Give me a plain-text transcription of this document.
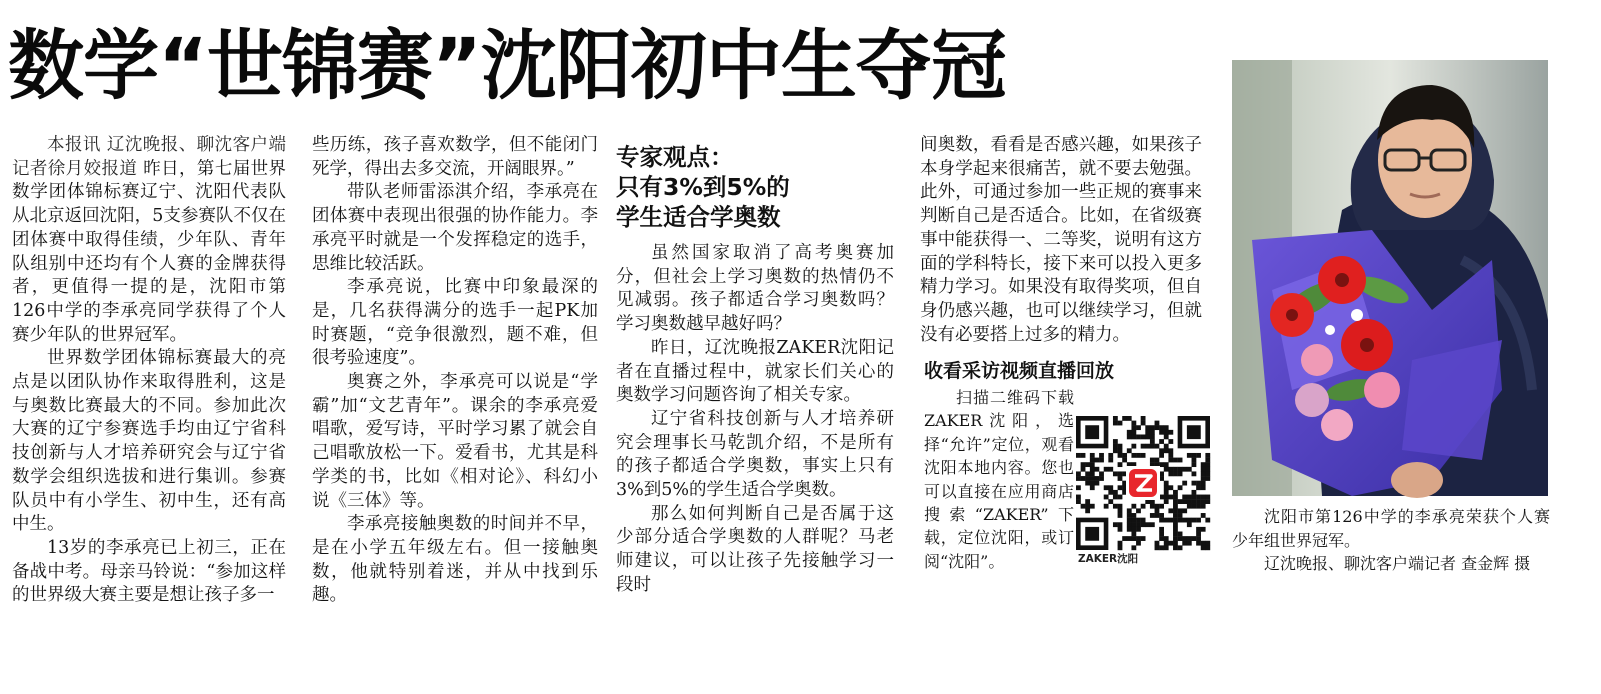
数学“世锦赛”沈阳初中生夺冠

本报讯 辽沈晚报、聊沈客户端记者徐月姣报道 昨日，第七届世界数学团体锦标赛辽宁、沈阳代表队从北京返回沈阳，5支参赛队不仅在团体赛中取得佳绩，少年队、青年队组别中还均有个人赛的金牌获得者，更值得一提的是，沈阳市第126中学的李承亮同学获得了个人赛少年队的世界冠军。

世界数学团体锦标赛最大的亮点是以团队协作来取得胜利，这是与奥数比赛最大的不同。参加此次大赛的辽宁参赛选手均由辽宁省科技创新与人才培养研究会与辽宁省数学会组织选拔和进行集训。参赛队员中有小学生、初中生，还有高中生。

13岁的李承亮已上初三，正在备战中考。母亲马铃说：“参加这样的世界级大赛主要是想让孩子多一

些历练，孩子喜欢数学，但不能闭门死学，得出去多交流，开阔眼界。”

带队老师雷添淇介绍，李承亮在团体赛中表现出很强的协作能力。李承亮平时就是一个发挥稳定的选手，思维比较活跃。

李承亮说，比赛中印象最深的是，几名获得满分的选手一起PK加时赛题，“竞争很激烈，题不难，但很考验速度”。

奥赛之外，李承亮可以说是“学霸”加“文艺青年”。课余的李承亮爱唱歌，爱写诗，平时学习累了就会自己唱歌放松一下。爱看书，尤其是科学类的书，比如《相对论》、科幻小说《三体》等。

李承亮接触奥数的时间并不早，是在小学五年级左右。但一接触奥数，他就特别着迷，并从中找到乐趣。

专家观点：
只有3%到5%的
学生适合学奥数

虽然国家取消了高考奥赛加分，但社会上学习奥数的热情仍不见减弱。孩子都适合学习奥数吗？学习奥数越早越好吗？

昨日，辽沈晚报ZAKER沈阳记者在直播过程中，就家长们关心的奥数学习问题咨询了相关专家。

辽宁省科技创新与人才培养研究会理事长马乾凯介绍，不是所有的孩子都适合学奥数，事实上只有3%到5%的学生适合学奥数。

那么如何判断自己是否属于这少部分适合学奥数的人群呢？马老师建议，可以让孩子先接触学习一段时

间奥数，看看是否感兴趣，如果孩子本身学起来很痛苦，就不要去勉强。此外，可通过参加一些正规的赛事来判断自己是否适合。比如，在省级赛事中能获得一、二等奖，说明有这方面的学科特长，接下来可以投入更多精力学习。如果没有取得奖项，但自身仍感兴趣，也可以继续学习，但就没有必要搭上过多的精力。

收看采访视频直播回放

扫描二维码下载ZAKER沈阳，选择“允许”定位，观看沈阳本地内容。您也可以直接在应用商店搜索“ZAKER”下载，定位沈阳，或订阅“沈阳”。	ZAKER沈阳

沈阳市第126中学的李承亮荣获个人赛少年组世界冠军。

辽沈晚报、聊沈客户端记者 查金辉 摄
